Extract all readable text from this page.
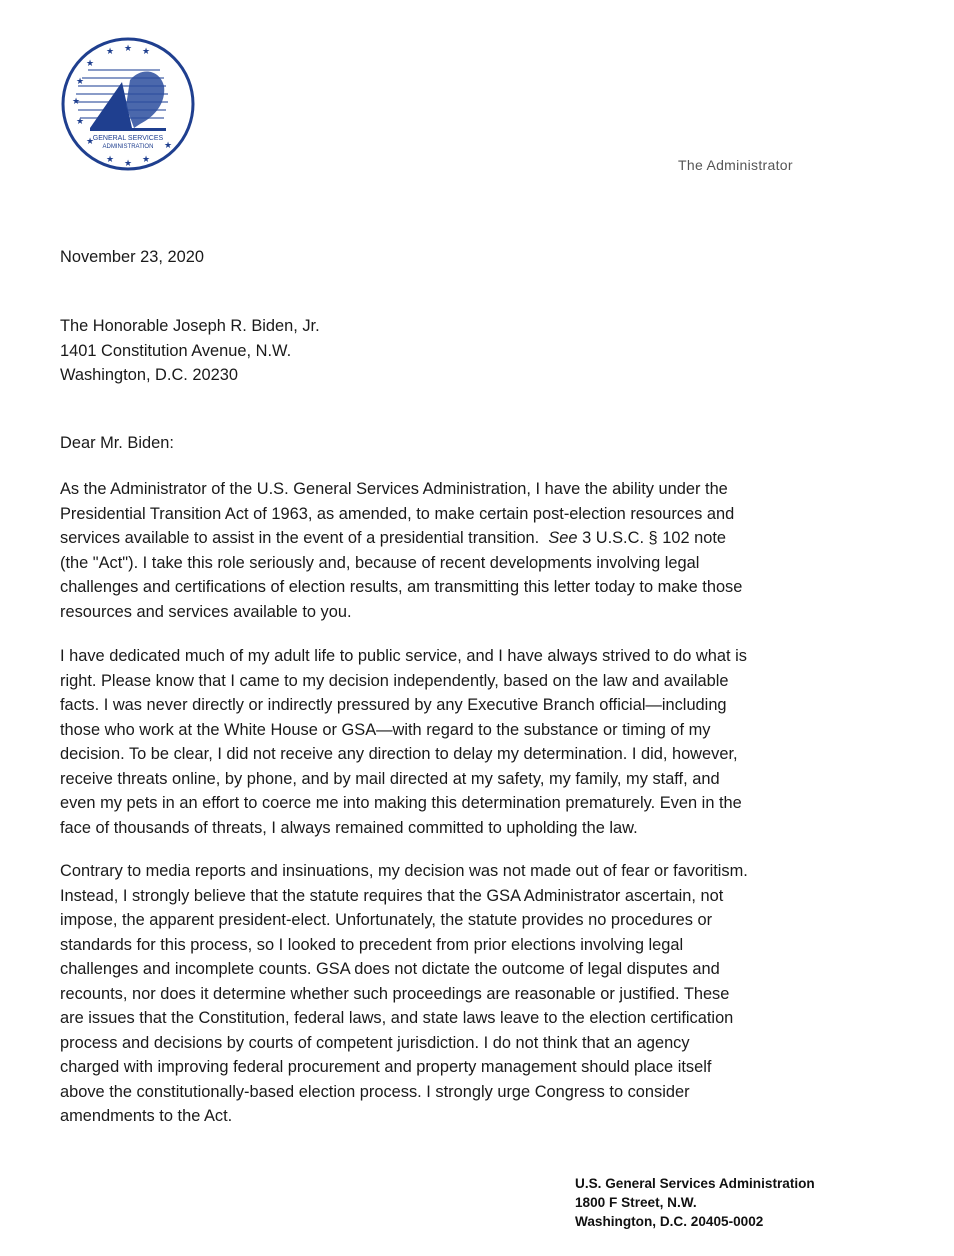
GENERAL SERVICES
ADMINISTRATION
★ ★ ★
★
★
★
★
★
★ ★ ★
★
The Administrator
November 23, 2020
The Honorable Joseph R. Biden, Jr.
1401 Constitution Avenue, N.W.
Washington, D.C. 20230
Dear Mr. Biden:
As the Administrator of the U.S. General Services Administration, I have the ability under the
Presidential Transition Act of 1963, as amended, to make certain post-election resources and
services available to assist in the event of a presidential transition.  See 3 U.S.C. § 102 note
(the "Act"). I take this role seriously and, because of recent developments involving legal
challenges and certifications of election results, am transmitting this letter today to make those
resources and services available to you.
I have dedicated much of my adult life to public service, and I have always strived to do what is
right. Please know that I came to my decision independently, based on the law and available
facts. I was never directly or indirectly pressured by any Executive Branch official—including
those who work at the White House or GSA—with regard to the substance or timing of my
decision. To be clear, I did not receive any direction to delay my determination. I did, however,
receive threats online, by phone, and by mail directed at my safety, my family, my staff, and
even my pets in an effort to coerce me into making this determination prematurely. Even in the
face of thousands of threats, I always remained committed to upholding the law.
Contrary to media reports and insinuations, my decision was not made out of fear or favoritism.
Instead, I strongly believe that the statute requires that the GSA Administrator ascertain, not
impose, the apparent president-elect. Unfortunately, the statute provides no procedures or
standards for this process, so I looked to precedent from prior elections involving legal
challenges and incomplete counts. GSA does not dictate the outcome of legal disputes and
recounts, nor does it determine whether such proceedings are reasonable or justified. These
are issues that the Constitution, federal laws, and state laws leave to the election certification
process and decisions by courts of competent jurisdiction. I do not think that an agency
charged with improving federal procurement and property management should place itself
above the constitutionally-based election process. I strongly urge Congress to consider
amendments to the Act.
U.S. General Services Administration
1800 F Street, N.W.
Washington, D.C. 20405-0002
